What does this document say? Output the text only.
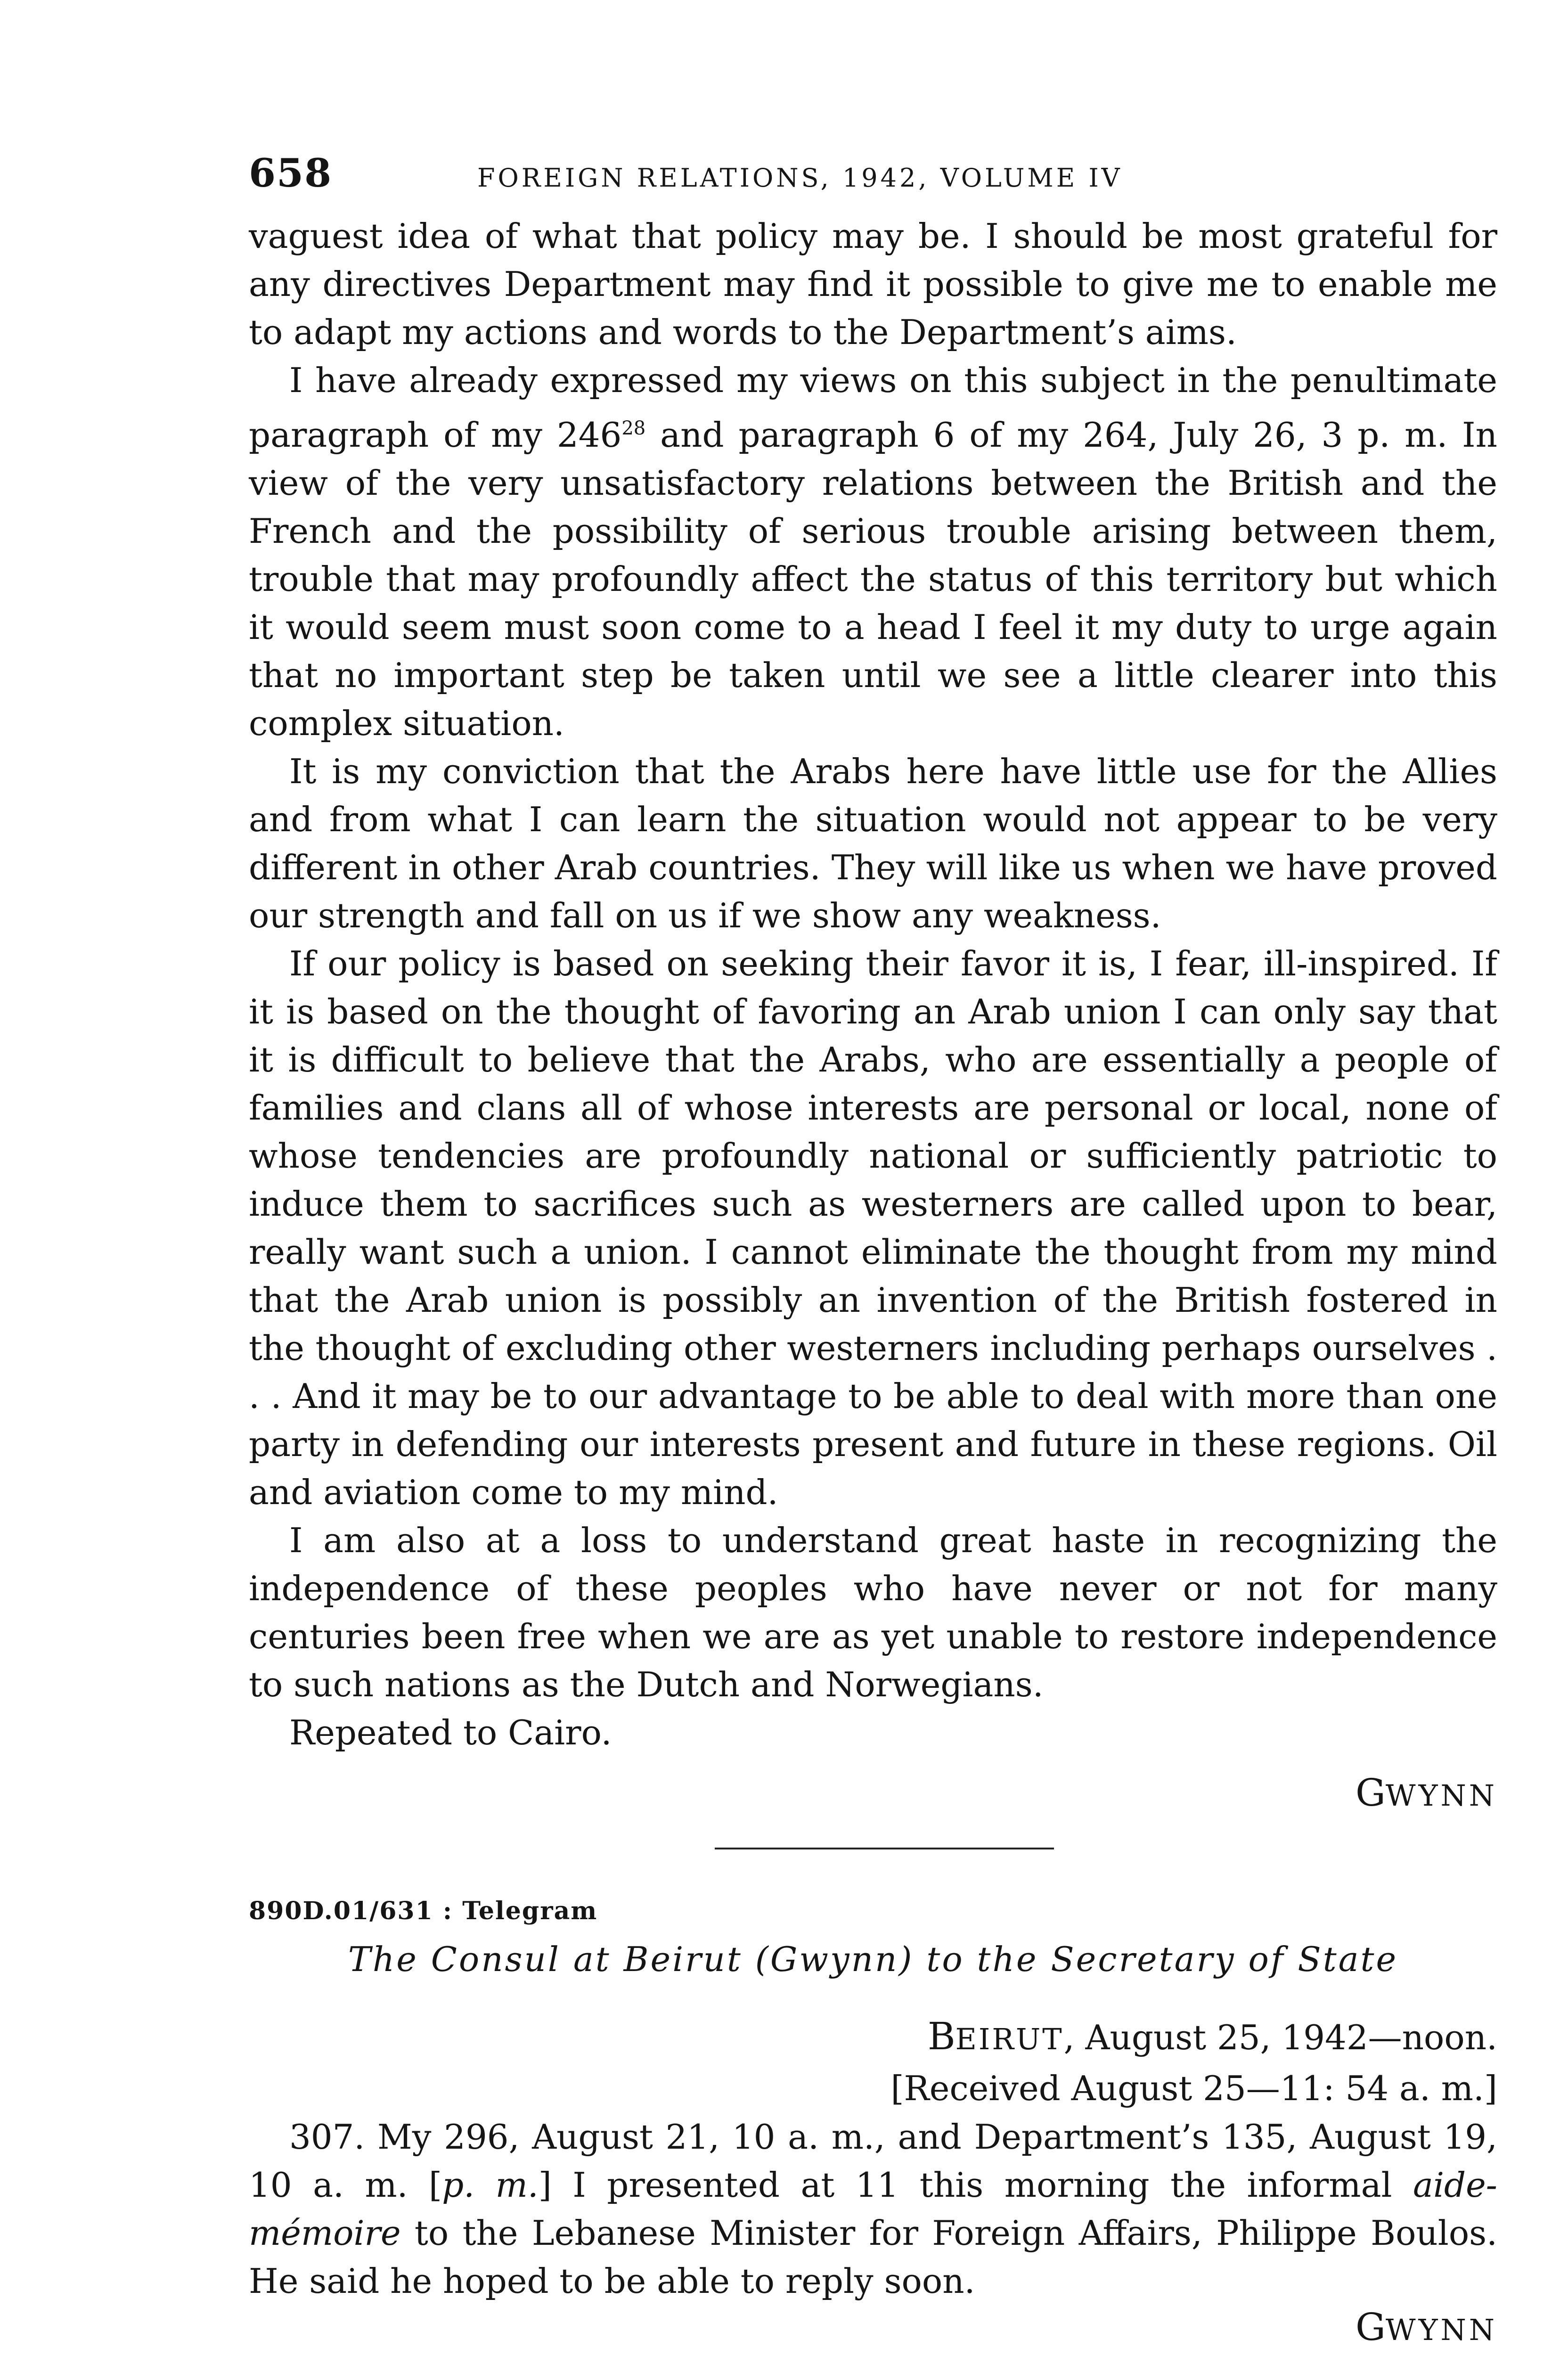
658	FOREIGN RELATIONS, 1942, VOLUME IV

vaguest idea of what that policy may be. I should be most grateful for any directives Department may find it possible to give me to enable me to adapt my actions and words to the Department’s aims.

I have already expressed my views on this subject in the penultimate paragraph of my 246$^{28}$ and paragraph 6 of my 264, July 26, 3 p. m. In view of the very unsatisfactory relations between the British and the French and the possibility of serious trouble arising between them, trouble that may profoundly affect the status of this territory but which it would seem must soon come to a head I feel it my duty to urge again that no important step be taken until we see a little clearer into this complex situation.

It is my conviction that the Arabs here have little use for the Allies and from what I can learn the situation would not appear to be very different in other Arab countries. They will like us when we have proved our strength and fall on us if we show any weakness.

If our policy is based on seeking their favor it is, I fear, ill-inspired. If it is based on the thought of favoring an Arab union I can only say that it is difficult to believe that the Arabs, who are essentially a people of families and clans all of whose interests are personal or local, none of whose tendencies are profoundly national or sufficiently patriotic to induce them to sacrifices such as westerners are called upon to bear, really want such a union. I cannot eliminate the thought from my mind that the Arab union is possibly an invention of the British fostered in the thought of excluding other westerners including perhaps ourselves . . . And it may be to our advantage to be able to deal with more than one party in defending our interests present and future in these regions. Oil and aviation come to my mind.

I am also at a loss to understand great haste in recognizing the independence of these peoples who have never or not for many centuries been free when we are as yet unable to restore independence to such nations as the Dutch and Norwegians.

Repeated to Cairo.

GWYNN

890D.01/631 : Telegram
The Consul at Beirut (Gwynn) to the Secretary of State
BEIRUT, August 25, 1942—noon.
[Received August 25—11: 54 a. m.]

307. My 296, August 21, 10 a. m., and Department’s 135, August 19, 10 a. m. [p. m.] I presented at 11 this morning the informal aide-mémoire to the Lebanese Minister for Foreign Affairs, Philippe Boulos. He said he hoped to be able to reply soon.

GWYNN
